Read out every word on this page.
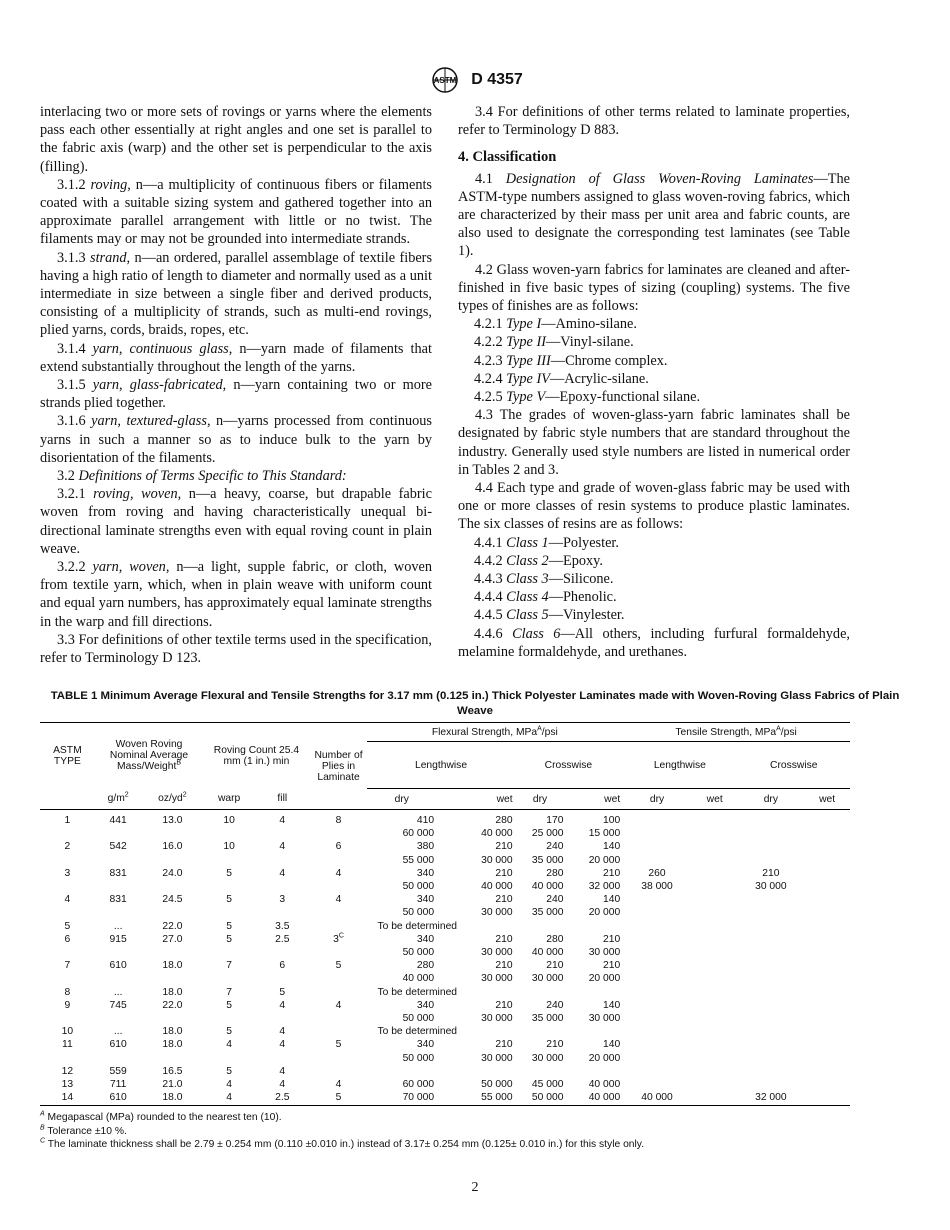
ASTM D 4357

interlacing two or more sets of rovings or yarns where the elements pass each other essentially at right angles and one set is parallel to the fabric axis (warp) and the other set is perpendicular to the axis (filling).

3.1.2 roving, n—a multiplicity of continuous fibers or filaments coated with a suitable sizing system and gathered together into an approximate parallel arrangement with little or no twist. The filaments may or may not be grounded into intermediate strands.

3.1.3 strand, n—an ordered, parallel assemblage of textile fibers having a high ratio of length to diameter and normally used as a unit intermediate in size between a single fiber and derived products, consisting of a multiplicity of strands, such as multi-end rovings, plied yarns, cords, braids, ropes, etc.

3.1.4 yarn, continuous glass, n—yarn made of filaments that extend substantially throughout the length of the yarns.

3.1.5 yarn, glass-fabricated, n—yarn containing two or more strands plied together.

3.1.6 yarn, textured-glass, n—yarns processed from continuous yarns in such a manner so as to induce bulk to the yarn by disorientation of the filaments.

3.2 Definitions of Terms Specific to This Standard:

3.2.1 roving, woven, n—a heavy, coarse, but drapable fabric woven from roving and having characteristically unequal bi-directional laminate strengths even with equal roving count in plain weave.

3.2.2 yarn, woven, n—a light, supple fabric, or cloth, woven from textile yarn, which, when in plain weave with uniform count and equal yarn numbers, has approximately equal laminate strengths in the warp and fill directions.

3.3 For definitions of other textile terms used in the specification, refer to Terminology D 123.

3.4 For definitions of other terms related to laminate properties, refer to Terminology D 883.

4. Classification

4.1 Designation of Glass Woven-Roving Laminates—The ASTM-type numbers assigned to glass woven-roving fabrics, which are characterized by their mass per unit area and fabric counts, are also used to designate the corresponding test laminates (see Table 1).

4.2 Glass woven-yarn fabrics for laminates are cleaned and after-finished in five basic types of sizing (coupling) systems. The five types of finishes are as follows:

4.2.1 Type I—Amino-silane.

4.2.2 Type II—Vinyl-silane.

4.2.3 Type III—Chrome complex.

4.2.4 Type IV—Acrylic-silane.

4.2.5 Type V—Epoxy-functional silane.

4.3 The grades of woven-glass-yarn fabric laminates shall be designated by fabric style numbers that are standard throughout the industry. Generally used style numbers are listed in numerical order in Tables 2 and 3.

4.4 Each type and grade of woven-glass fabric may be used with one or more classes of resin systems to produce plastic laminates. The six classes of resins are as follows:

4.4.1 Class 1—Polyester.

4.4.2 Class 2—Epoxy.

4.4.3 Class 3—Silicone.

4.4.4 Class 4—Phenolic.

4.4.5 Class 5—Vinylester.

4.4.6 Class 6—All others, including furfural formaldehyde, melamine formaldehyde, and urethanes.

TABLE 1 Minimum Average Flexural and Tensile Strengths for 3.17 mm (0.125 in.) Thick Polyester Laminates made with Woven-Roving Glass Fabrics of Plain Weave
ASTM TYPE	Woven Roving Nominal Average Mass/Weight$^B$		Roving Count 25.4 mm (1 in.) min		Number of Plies in Laminate	Flexural Strength, MPa$^A$/psi				Tensile Strength, MPa$^A$/psi			
						Lengthwise		Crosswise		Lengthwise		Crosswise	
	$g/m^2$	$oz/yd^2$	warp	fill		dry	wet	dry	wet	dry	wet	dry	wet
1	441	13.0	10	4	8	410	280	170	100				
						60 000	40 000	25 000	15 000				
2	542	16.0	10	4	6	380	210	240	140				
						55 000	30 000	35 000	20 000				
3	831	24.0	5	4	4	340	210	280	210	260		210	
						50 000	40 000	40 000	32 000	38 000		30 000	
4	831	24.5	5	3	4	340	210	240	140				
						50 000	30 000	35 000	20 000				
5	...	22.0	5	3.5		To be determined							
6	915	27.0	5	2.5	$3^C$	340	210	280	210				
						50 000	30 000	40 000	30 000				
7	610	18.0	7	6	5	280	210	210	210				
						40 000	30 000	30 000	20 000				
8	...	18.0	7	5		To be determined							
9	745	22.0	5	4	4	340	210	240	140				
						50 000	30 000	35 000	30 000				
10	...	18.0	5	4		To be determined							
11	610	18.0	4	4	5	340	210	210	140				
						50 000	30 000	30 000	20 000				
12	559	16.5	5	4									
13	711	21.0	4	4	4	60 000	50 000	45 000	40 000				
14	610	18.0	4	2.5	5	70 000	55 000	50 000	40 000	40 000		32 000	
$^A$ Megapascal (MPa) rounded to the nearest ten (10).
$^B$ Tolerance ±10 %.
$^C$ The laminate thickness shall be 2.79 ± 0.254 mm (0.110 ±0.010 in.) instead of 3.17± 0.254 mm (0.125± 0.010 in.) for this style only.
2
